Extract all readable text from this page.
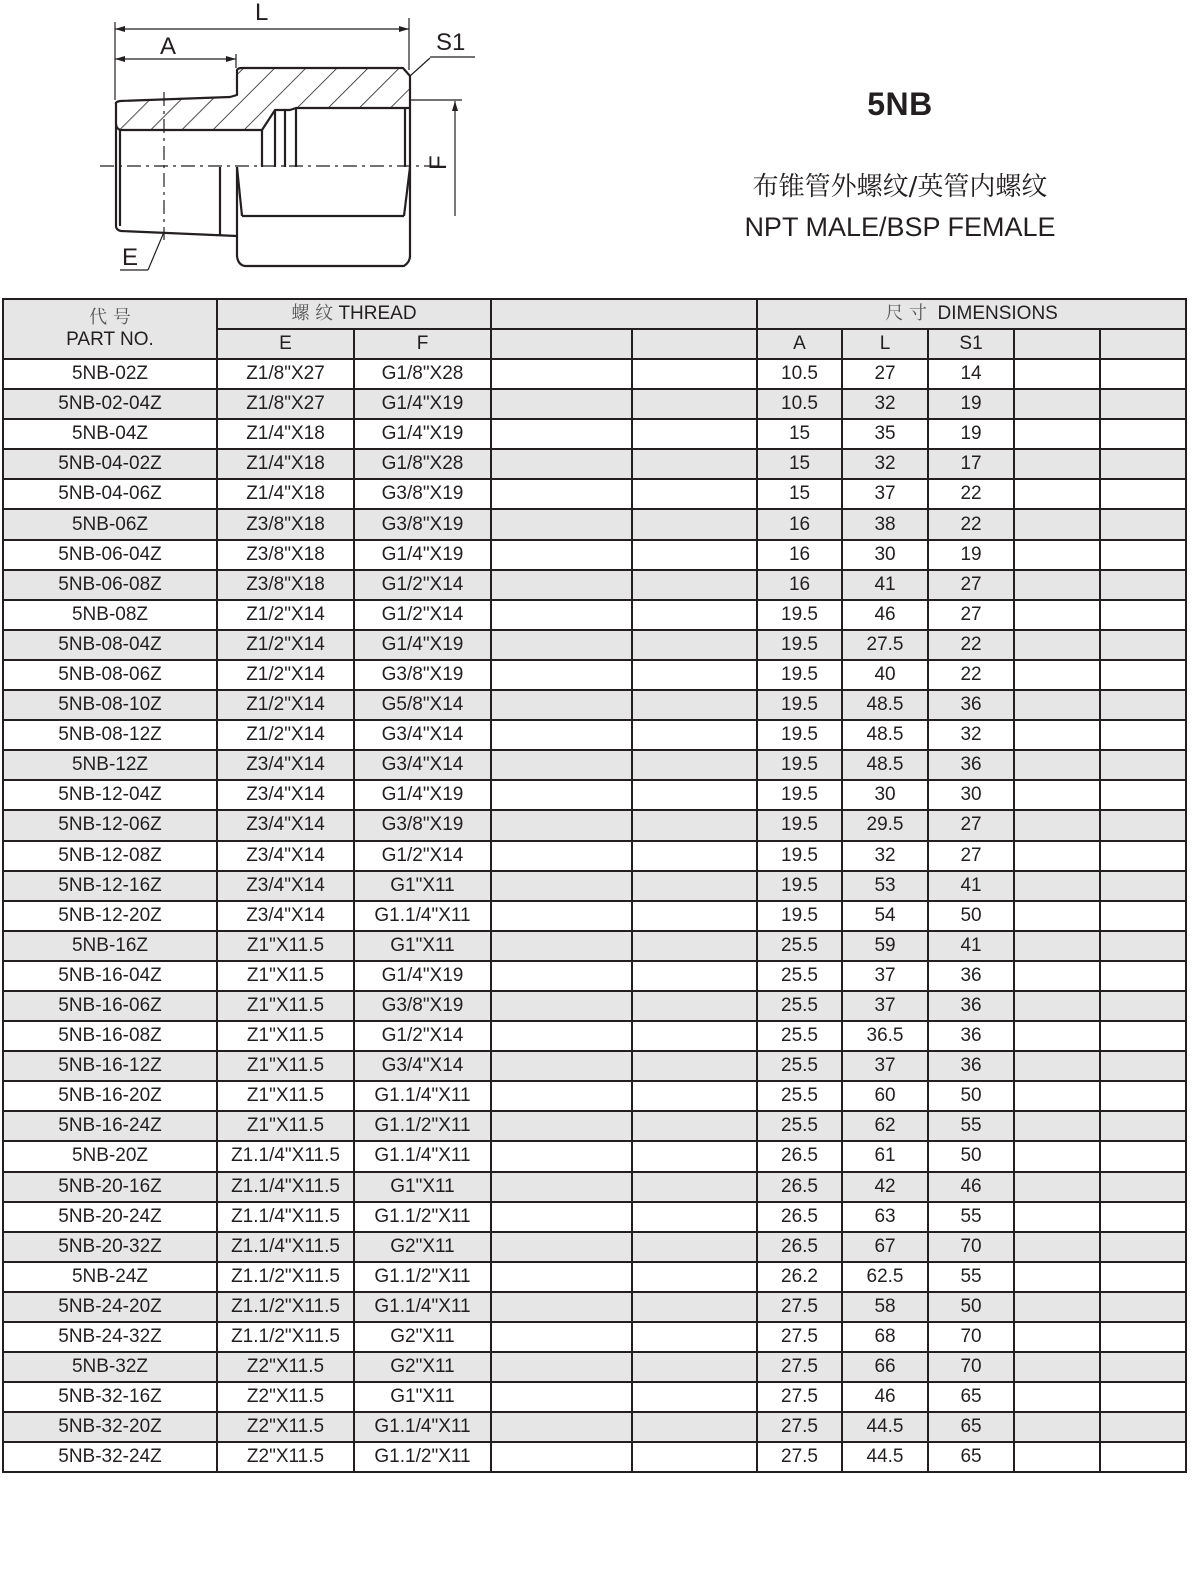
L
A	S1
F
E
5NB
布锥管外螺纹/英管内螺纹
NPT MALE/BSP FEMALE
代 号
PART NO.	螺 纹 THREAD				尺 寸 DIMENSIONS				
	E	F			A	L	S1		
5NB-02Z	Z1/8"X27	G1/8"X28			10.5	27	14		
5NB-02-04Z	Z1/8"X27	G1/4"X19			10.5	32	19		
5NB-04Z	Z1/4"X18	G1/4"X19			15	35	19		
5NB-04-02Z	Z1/4"X18	G1/8"X28			15	32	17		
5NB-04-06Z	Z1/4"X18	G3/8"X19			15	37	22		
5NB-06Z	Z3/8"X18	G3/8"X19			16	38	22		
5NB-06-04Z	Z3/8"X18	G1/4"X19			16	30	19		
5NB-06-08Z	Z3/8"X18	G1/2"X14			16	41	27		
5NB-08Z	Z1/2"X14	G1/2"X14			19.5	46	27		
5NB-08-04Z	Z1/2"X14	G1/4"X19			19.5	27.5	22		
5NB-08-06Z	Z1/2"X14	G3/8"X19			19.5	40	22		
5NB-08-10Z	Z1/2"X14	G5/8"X14			19.5	48.5	36		
5NB-08-12Z	Z1/2"X14	G3/4"X14			19.5	48.5	32		
5NB-12Z	Z3/4"X14	G3/4"X14			19.5	48.5	36		
5NB-12-04Z	Z3/4"X14	G1/4"X19			19.5	30	30		
5NB-12-06Z	Z3/4"X14	G3/8"X19			19.5	29.5	27		
5NB-12-08Z	Z3/4"X14	G1/2"X14			19.5	32	27		
5NB-12-16Z	Z3/4"X14	G1"X11			19.5	53	41		
5NB-12-20Z	Z3/4"X14	G1.1/4"X11			19.5	54	50		
5NB-16Z	Z1"X11.5	G1"X11			25.5	59	41		
5NB-16-04Z	Z1"X11.5	G1/4"X19			25.5	37	36		
5NB-16-06Z	Z1"X11.5	G3/8"X19			25.5	37	36		
5NB-16-08Z	Z1"X11.5	G1/2"X14			25.5	36.5	36		
5NB-16-12Z	Z1"X11.5	G3/4"X14			25.5	37	36		
5NB-16-20Z	Z1"X11.5	G1.1/4"X11			25.5	60	50		
5NB-16-24Z	Z1"X11.5	G1.1/2"X11			25.5	62	55		
5NB-20Z	Z1.1/4"X11.5	G1.1/4"X11			26.5	61	50		
5NB-20-16Z	Z1.1/4"X11.5	G1"X11			26.5	42	46		
5NB-20-24Z	Z1.1/4"X11.5	G1.1/2"X11			26.5	63	55		
5NB-20-32Z	Z1.1/4"X11.5	G2"X11			26.5	67	70		
5NB-24Z	Z1.1/2"X11.5	G1.1/2"X11			26.2	62.5	55		
5NB-24-20Z	Z1.1/2"X11.5	G1.1/4"X11			27.5	58	50		
5NB-24-32Z	Z1.1/2"X11.5	G2"X11			27.5	68	70		
5NB-32Z	Z2"X11.5	G2"X11			27.5	66	70		
5NB-32-16Z	Z2"X11.5	G1"X11			27.5	46	65		
5NB-32-20Z	Z2"X11.5	G1.1/4"X11			27.5	44.5	65		
5NB-32-24Z	Z2"X11.5	G1.1/2"X11			27.5	44.5	65		
